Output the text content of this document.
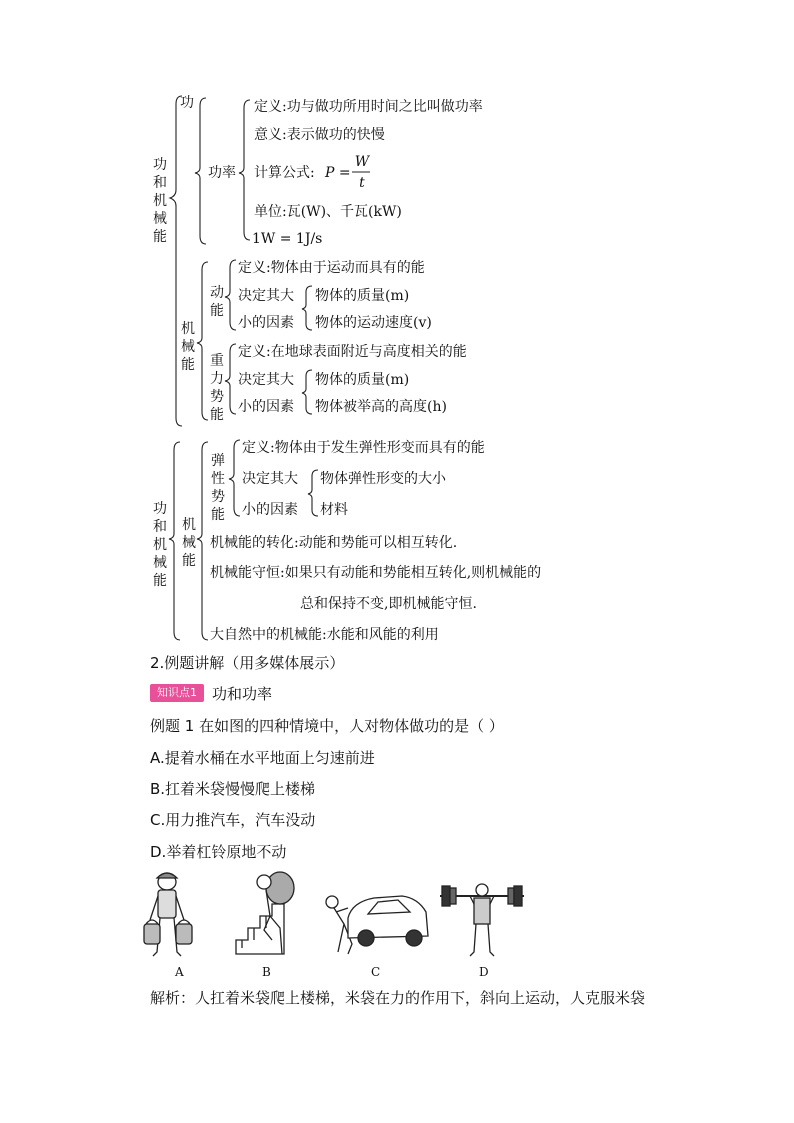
功和机械能
功
功率
定义:功与做功所用时间之比叫做功率
意义:表示做功的快慢
计算公式: P =
W
t
单位:瓦(W)、千瓦(kW)
1W = 1J/s
机械能
动能
定义:物体由于运动而具有的能
决定其大
小的因素
物体的质量(m)
物体的运动速度(v)
重力势能
定义:在地球表面附近与高度相关的能
决定其大
小的因素
物体的质量(m)
物体被举高的高度(h)
功和机械能
机械能
弹性势能
定义:物体由于发生弹性形变而具有的能
决定其大
小的因素
物体弹性形变的大小
材料
机械能的转化:动能和势能可以相互转化.
机械能守恒:如果只有动能和势能相互转化,则机械能的
总和保持不变,即机械能守恒.
大自然中的机械能:水能和风能的利用
2.例题讲解（用多媒体展示）
知识点1	功和功率
例题 1 在如图的四种情境中，人对物体做功的是（ ）
A.提着水桶在水平地面上匀速前进
B.扛着米袋慢慢爬上楼梯
C.用力推汽车，汽车没动
D.举着杠铃原地不动
A	B	C	D
解析：人扛着米袋爬上楼梯，米袋在力的作用下，斜向上运动，人克服米袋
